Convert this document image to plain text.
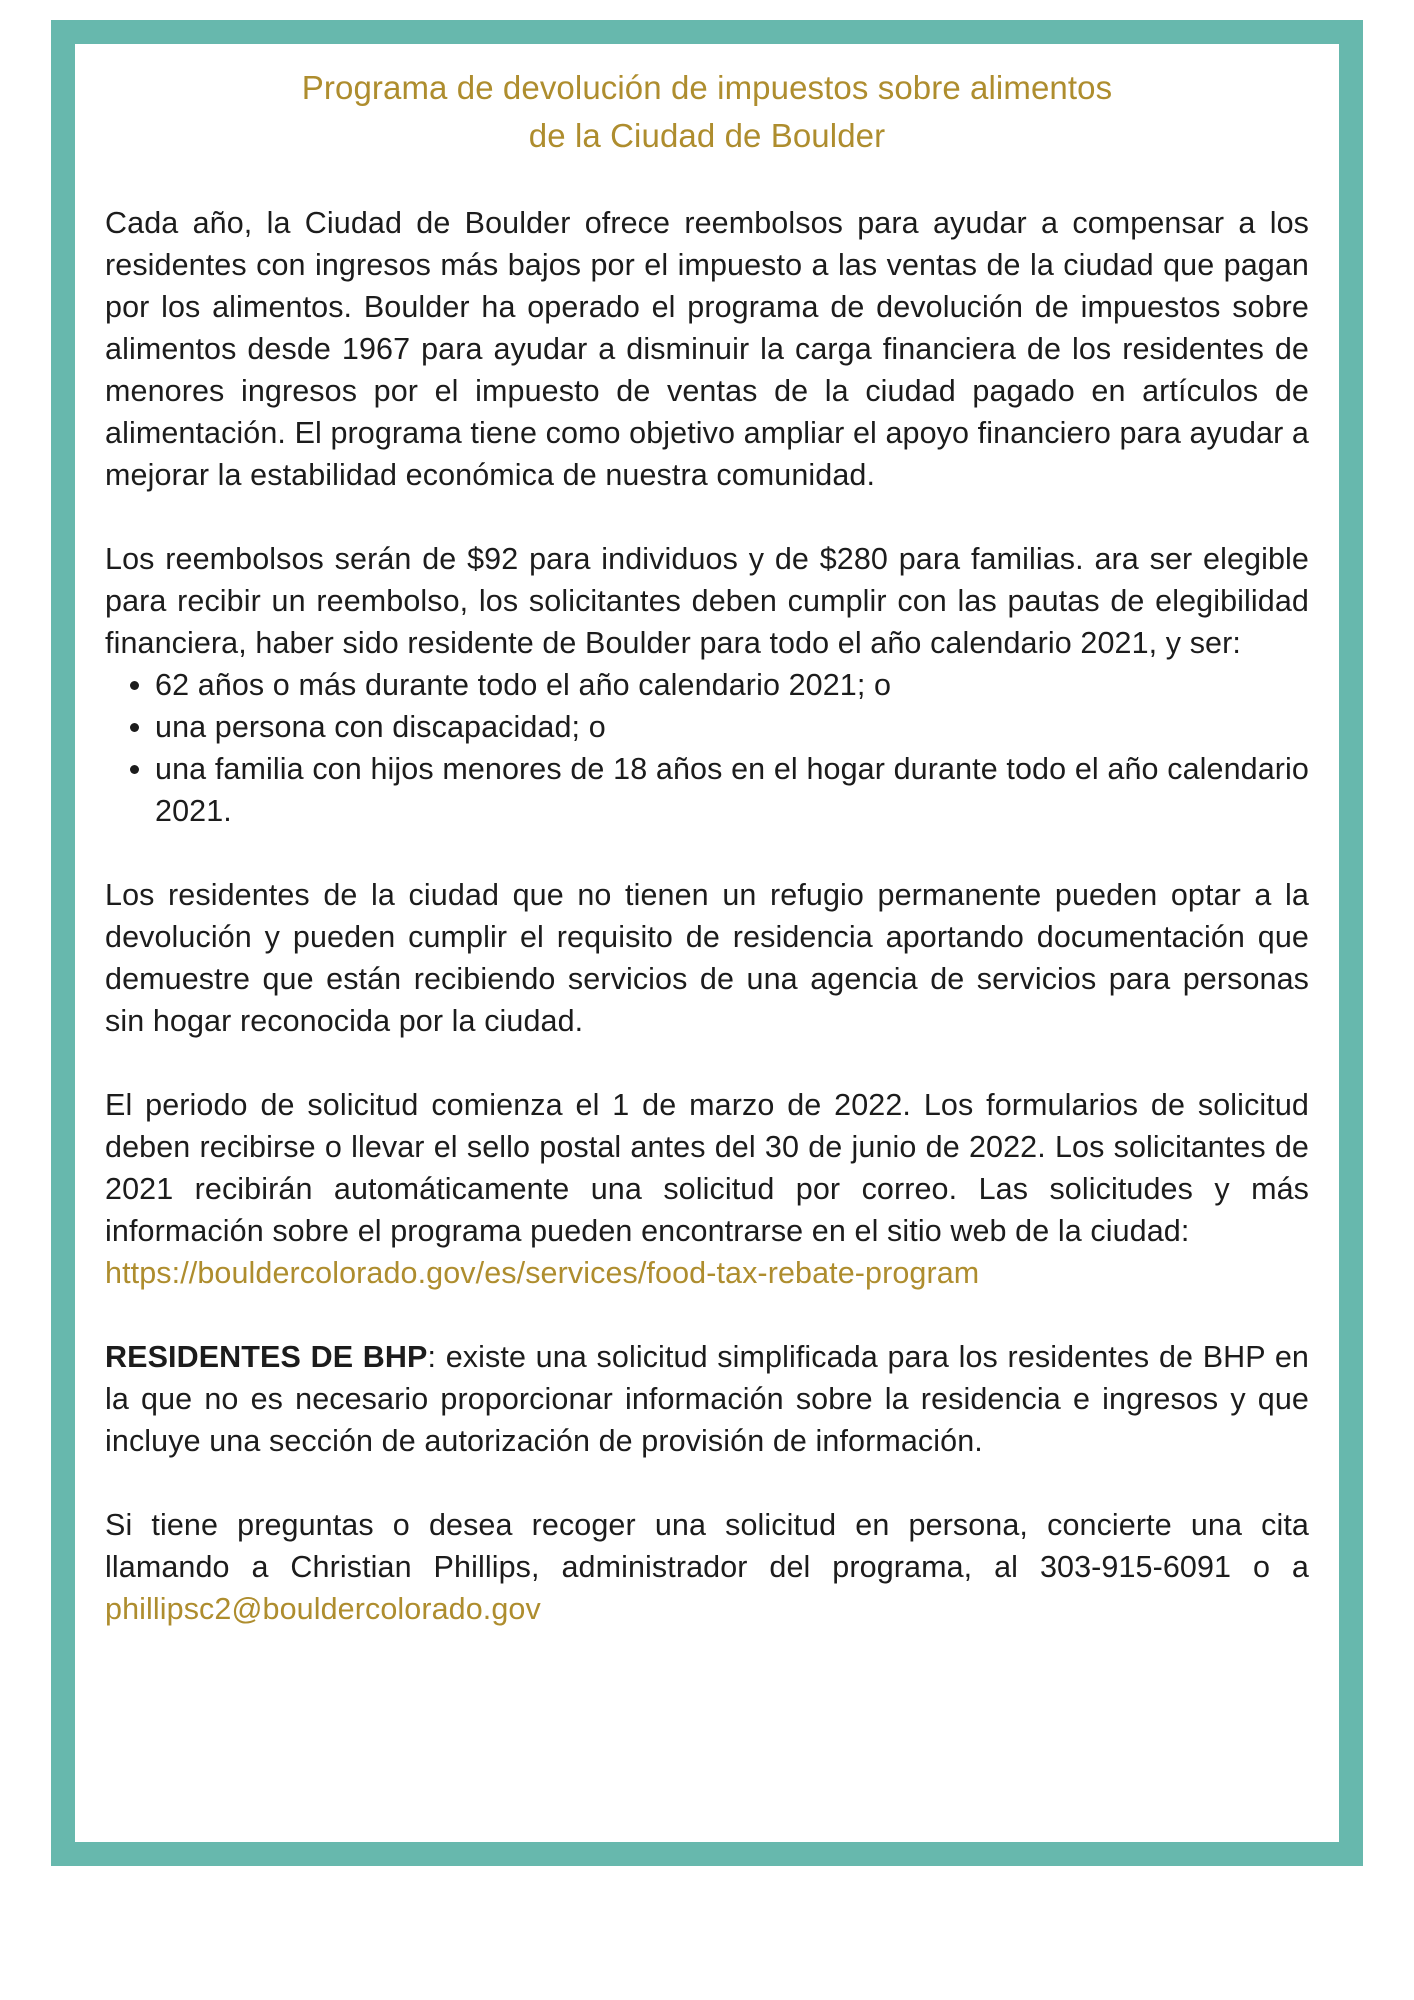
Programa de devolución de impuestos sobre alimentos
de la Ciudad de Boulder

Cada año, la Ciudad de Boulder ofrece reembolsos para ayudar a compensar a los residentes con ingresos más bajos por el impuesto a las ventas de la ciudad que pagan por los alimentos. Boulder ha operado el programa de devolución de impuestos sobre alimentos desde 1967 para ayudar a disminuir la carga financiera de los residentes de menores ingresos por el impuesto de ventas de la ciudad pagado en artículos de alimentación. El programa tiene como objetivo ampliar el apoyo financiero para ayudar a mejorar la estabilidad económica de nuestra comunidad.

Los reembolsos serán de $92 para individuos y de $280 para familias. ara ser elegible para recibir un reembolso, los solicitantes deben cumplir con las pautas de elegibilidad financiera, haber sido residente de Boulder para todo el año calendario 2021, y ser:

• 62 años o más durante todo el año calendario 2021; o
• una persona con discapacidad; o
• una familia con hijos menores de 18 años en el hogar durante todo el año calendario 2021.

Los residentes de la ciudad que no tienen un refugio permanente pueden optar a la devolución y pueden cumplir el requisito de residencia aportando documentación que demuestre que están recibiendo servicios de una agencia de servicios para personas sin hogar reconocida por la ciudad.

El periodo de solicitud comienza el 1 de marzo de 2022. Los formularios de solicitud deben recibirse o llevar el sello postal antes del 30 de junio de 2022. Los solicitantes de 2021 recibirán automáticamente una solicitud por correo. Las solicitudes y más información sobre el programa pueden encontrarse en el sitio web de la ciudad:
https://bouldercolorado.gov/es/services/food-tax-rebate-program

RESIDENTES DE BHP: existe una solicitud simplificada para los residentes de BHP en la que no es necesario proporcionar información sobre la residencia e ingresos y que incluye una sección de autorización de provisión de información.

Si tiene preguntas o desea recoger una solicitud en persona, concierte una cita llamando a Christian Phillips, administrador del programa, al 303-915-6091 o a phillipsc2@bouldercolorado.gov
